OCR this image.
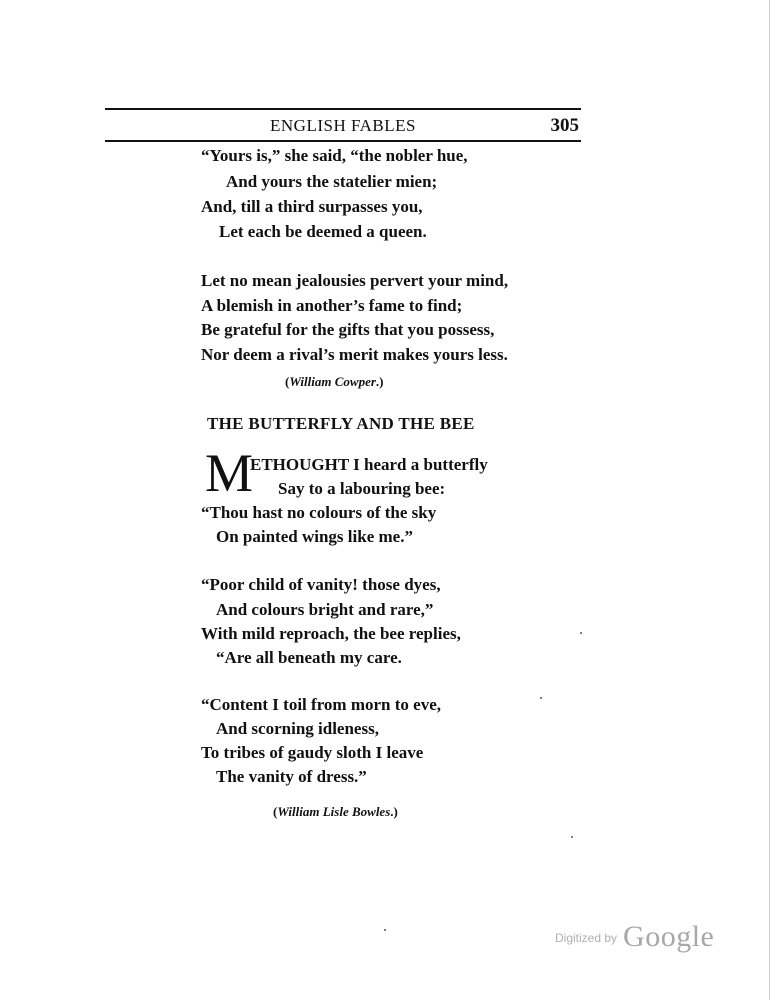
ENGLISH FABLES	305
“Yours is,” she said, “the nobler hue,
And yours the statelier mien;
And, till a third surpasses you,
Let each be deemed a queen.
Let no mean jealousies pervert your mind,
A blemish in another’s fame to find;
Be grateful for the gifts that you possess,
Nor deem a rival’s merit makes yours less.
(William Cowper.)
THE BUTTERFLY AND THE BEE
M
ETHOUGHT I heard a butterfly
Say to a labouring bee:
“Thou hast no colours of the sky
On painted wings like me.”
“Poor child of vanity! those dyes,
And colours bright and rare,”
With mild reproach, the bee replies,
“Are all beneath my care.
“Content I toil from morn to eve,
And scorning idleness,
To tribes of gaudy sloth I leave
The vanity of dress.”
(William Lisle Bowles.)
$^{Digitized by}$ Google
